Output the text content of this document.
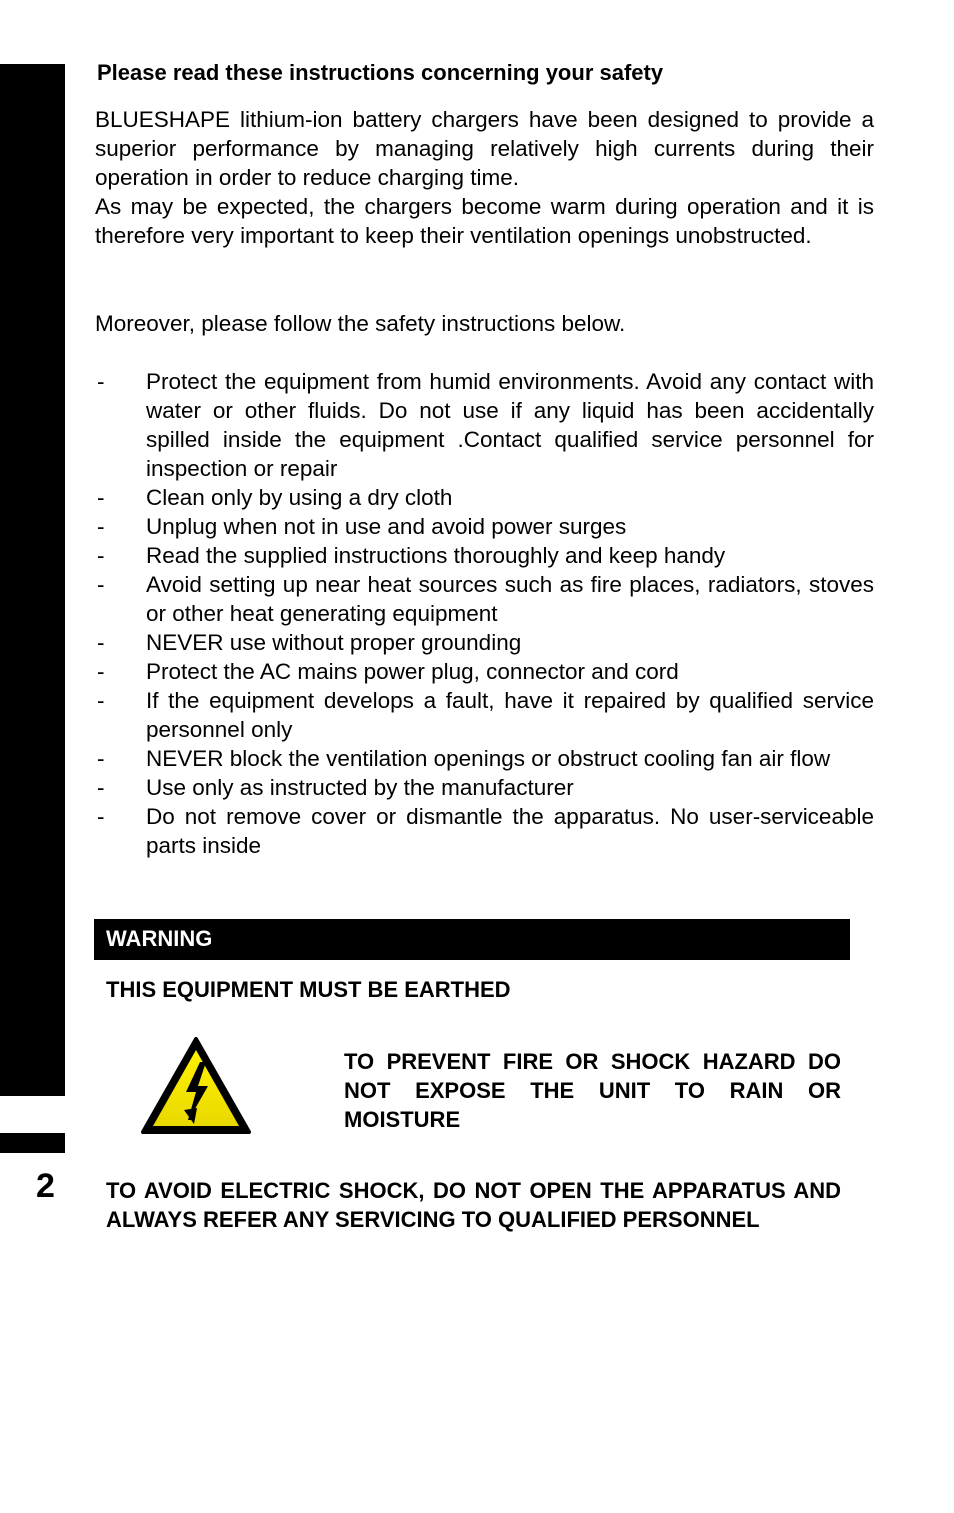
2
Please read these instructions concerning your safety
BLUESHAPE lithium-ion battery chargers have been designed to provide a superior performance by managing relatively high currents during their operation in order to reduce charging time.
As may be expected, the chargers become warm during operation and it is therefore very important to keep their ventilation openings unobstructed.
Moreover, please follow the safety instructions below.
- Protect the equipment from humid environments. Avoid any contact with water or other fluids. Do not use if any liquid has been accidentally spilled inside the equipment .Contact qualified service personnel for inspection or repair
- Clean only by using a dry cloth
- Unplug when not in use and avoid power surges
- Read the supplied instructions thoroughly and keep handy
- Avoid setting up near heat sources such as fire places, radiators, stoves or other heat generating equipment
- NEVER use without proper grounding
- Protect the AC mains power plug, connector and cord
- If the equipment develops a fault, have it repaired by qualified service personnel only
- NEVER block the ventilation openings or obstruct cooling fan air flow
- Use only as instructed by the manufacturer
- Do not remove cover or dismantle the apparatus. No user-serviceable parts inside
WARNING
THIS EQUIPMENT MUST BE EARTHED
TO PREVENT FIRE OR SHOCK HAZARD DO NOT EXPOSE THE UNIT TO RAIN OR MOISTURE
TO AVOID ELECTRIC SHOCK, DO NOT OPEN THE APPARATUS AND ALWAYS REFER ANY SERVICING TO QUALIFIED PERSONNEL
